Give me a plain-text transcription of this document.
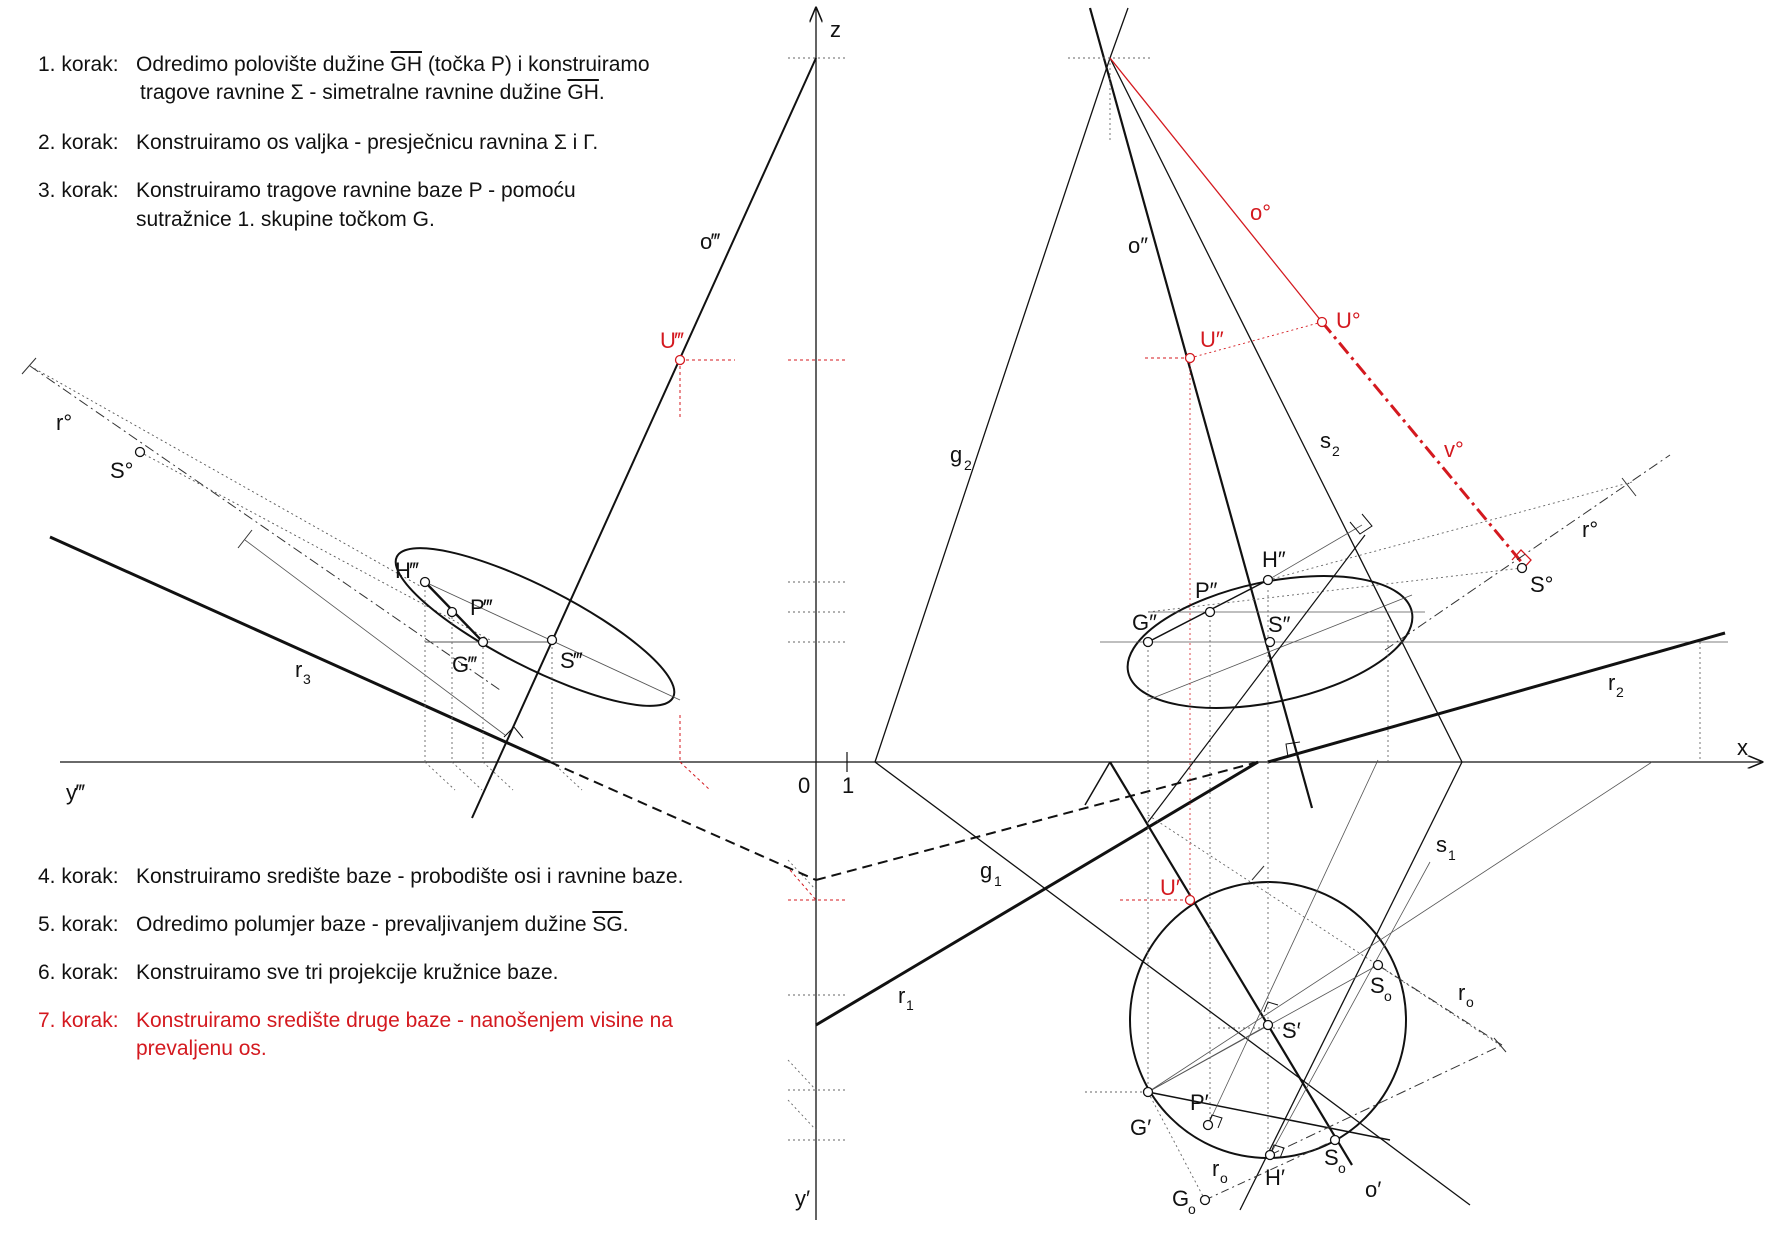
z
x
y‴
y′
0 1
o‴	o″
o′
o°
U‴	U″
U°
U′
v°
r°
S°
r°
S°
H‴
P‴
G‴	S‴
H″
P″
G″	S″
S′
P′
G′
H′
g 2
s 2
r 3	r 2
r 1
g 1
s 1
r o
r o
S o
S o
G
o
1. korak: Odredimo polovište dužine $\overline{GH}$ (točka P) i konstruiramo
tragove ravnine Σ - simetralne ravnine dužine $\overline{GH}$.
2. korak: Konstruiramo os valjka - presječnicu ravnina Σ i Γ.
3. korak: Konstruiramo tragove ravnine baze Ρ - pomoću
sutražnice 1. skupine točkom G.
4. korak: Konstruiramo središte baze - probodište osi i ravnine baze.
5. korak: Odredimo polumjer baze - prevaljivanjem dužine $\overline{SG}$.
6. korak: Konstruiramo sve tri projekcije kružnice baze.
7. korak: Konstruiramo središte druge baze - nanošenjem visine na
prevaljenu os.
